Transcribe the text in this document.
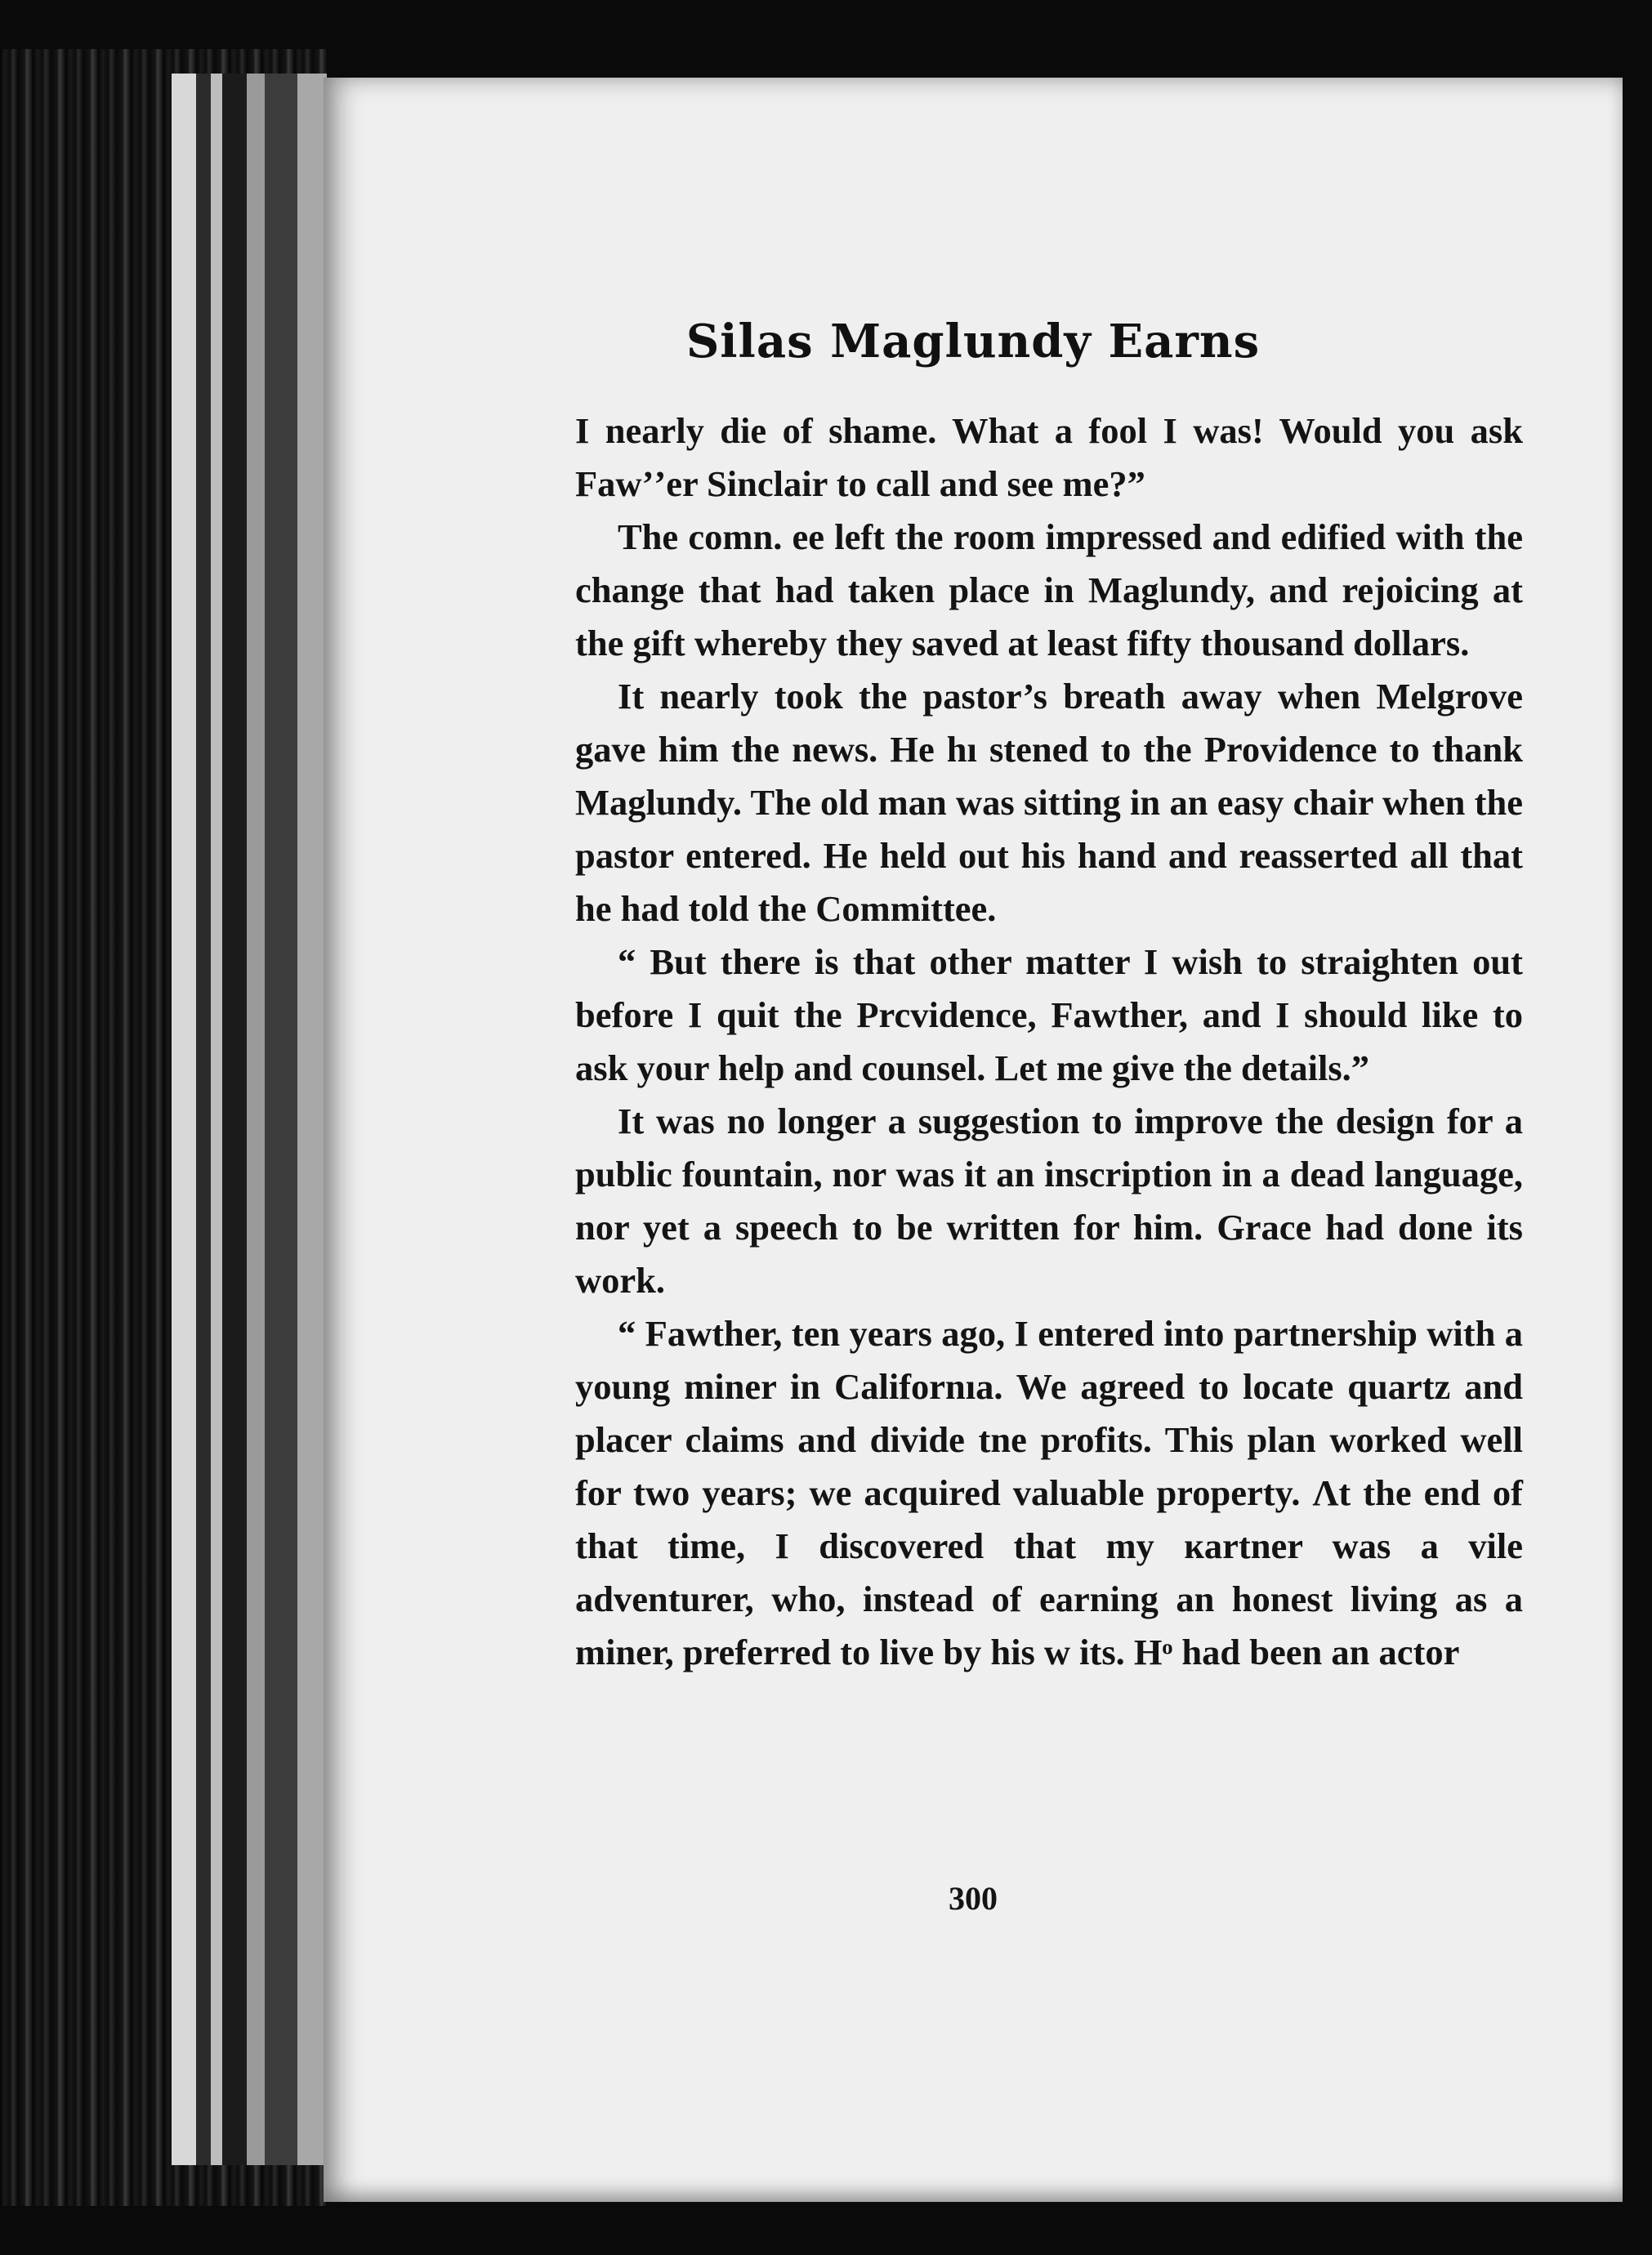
Silas Maglundy Earns

I nearly die of shame. What a fool I was! Would you ask Fawʼʼer Sinclair to call and see me?”

The comn. ee left the room impressed and edified with the change that had taken place in Maglundy, and rejoicing at the gift whereby they saved at least fifty thousand dollars.

It nearly took the pastor’s breath away when Melgrove gave him the news. He hı stened to the Providence to thank Maglundy. The old man was sitting in an easy chair when the pastor entered. He held out his hand and reasserted all that he had told the Committee.

“ But there is that other matter I wish to straighten out before I quit the Prcvidence, Fawther, and I should like to ask your help and counsel. Let me give the details.”

It was no longer a suggestion to improve the design for a public fountain, nor was it an inscription in a dead language, nor yet a speech to be written for him. Grace had done its work.

“ Fawther, ten years ago, I entered into partnership with a young miner in Californıa. We agreed to locate quartz and placer claims and divide tne profits. This plan worked well for two years; we acquired valuable property. Ʌt the end of that time, I discovered that my ĸartner was a vile adventurer, who, instead of earning an honest living as a miner, preferred to live by his ᴡ its. Hᵒ had been an actor

300
